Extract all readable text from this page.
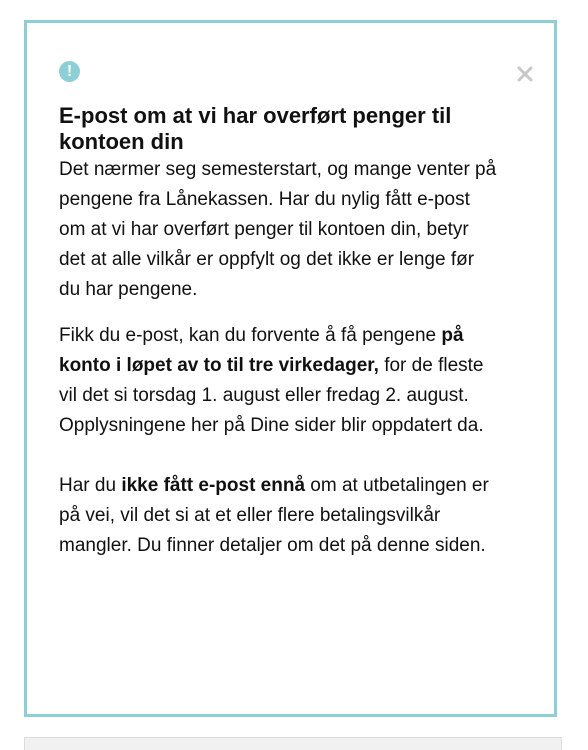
!
E-post om at vi har overført penger til kontoen din

Det nærmer seg semesterstart, og mange venter på pengene fra Lånekassen. Har du nylig fått e-post om at vi har overført penger til kontoen din, betyr det at alle vilkår er oppfylt og det ikke er lenge før du har pengene.

Fikk du e-post, kan du forvente å få pengene på konto i løpet av to til tre virkedager, for de fleste vil det si torsdag 1. august eller fredag 2. august. Opplysningene her på Dine sider blir oppdatert da.

Har du ikke fått e-post ennå om at utbetalingen er på vei, vil det si at et eller flere betalingsvilkår mangler. Du finner detaljer om det på denne siden.
